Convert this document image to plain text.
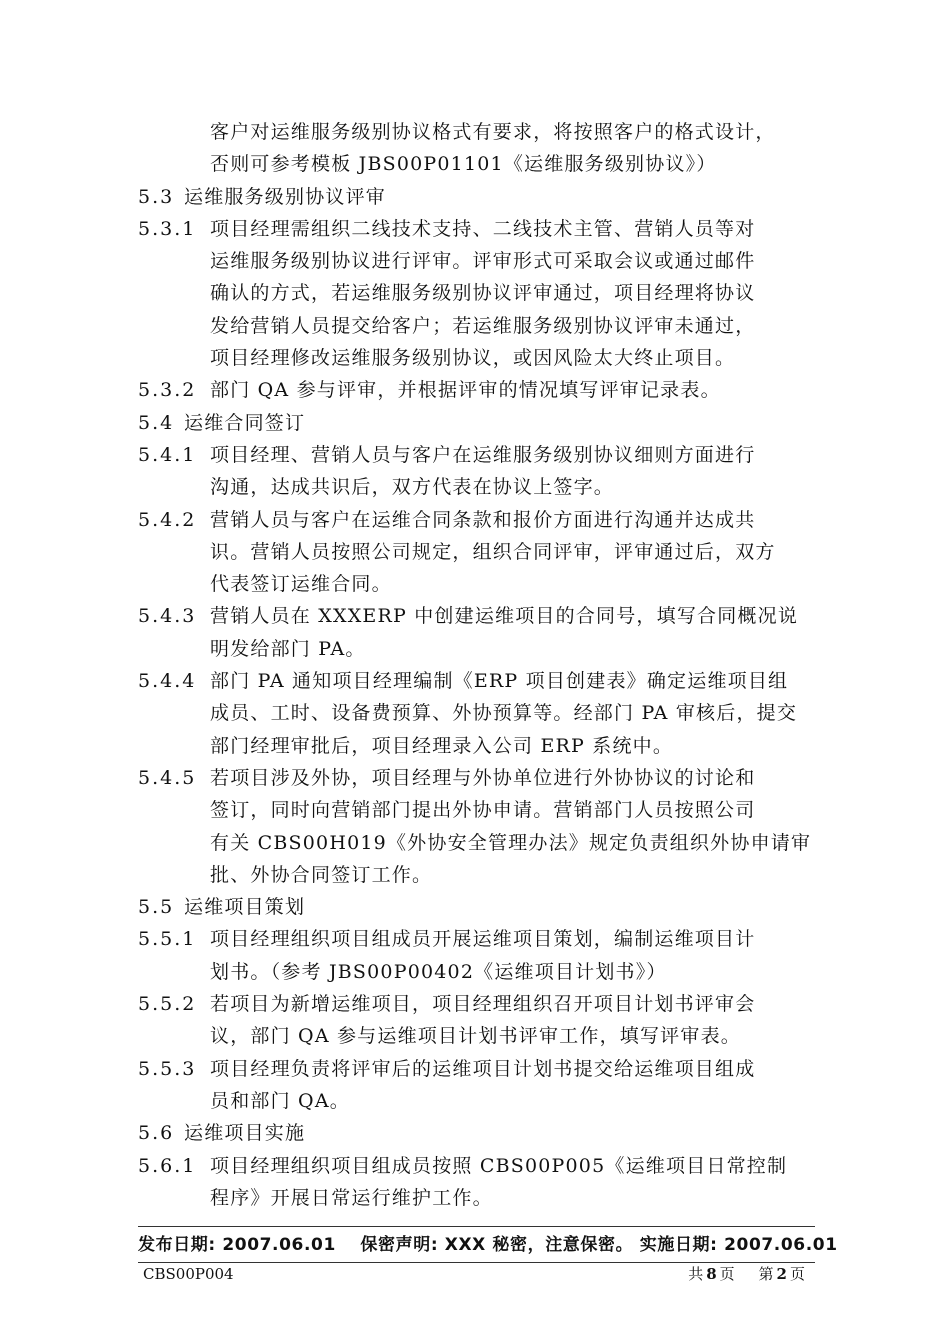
客户对运维服务级别协议格式有要求，将按照客户的格式设计，
否则可参考模板 JBS00P01101《运维服务级别协议》）
5.3 运维服务级别协议评审
5.3.1 项目经理需组织二线技术支持、二线技术主管、营销人员等对
运维服务级别协议进行评审。评审形式可采取会议或通过邮件
确认的方式，若运维服务级别协议评审通过，项目经理将协议
发给营销人员提交给客户；若运维服务级别协议评审未通过，
项目经理修改运维服务级别协议，或因风险太大终止项目。
5.3.2 部门 QA 参与评审，并根据评审的情况填写评审记录表。
5.4 运维合同签订
5.4.1 项目经理、营销人员与客户在运维服务级别协议细则方面进行
沟通，达成共识后，双方代表在协议上签字。
5.4.2 营销人员与客户在运维合同条款和报价方面进行沟通并达成共
识。营销人员按照公司规定，组织合同评审，评审通过后，双方
代表签订运维合同。
5.4.3 营销人员在 XXXERP 中创建运维项目的合同号，填写合同概况说
明发给部门 PA。
5.4.4 部门 PA 通知项目经理编制《ERP 项目创建表》确定运维项目组
成员、工时、设备费预算、外协预算等。经部门 PA 审核后，提交
部门经理审批后，项目经理录入公司 ERP 系统中。
5.4.5 若项目涉及外协，项目经理与外协单位进行外协协议的讨论和
签订，同时向营销部门提出外协申请。营销部门人员按照公司
有关 CBS00H019《外协安全管理办法》规定负责组织外协申请审
批、外协合同签订工作。
5.5 运维项目策划
5.5.1 项目经理组织项目组成员开展运维项目策划，编制运维项目计
划书。（参考 JBS00P00402《运维项目计划书》）
5.5.2 若项目为新增运维项目，项目经理组织召开项目计划书评审会
议，部门 QA 参与运维项目计划书评审工作，填写评审表。
5.5.3 项目经理负责将评审后的运维项目计划书提交给运维项目组成
员和部门 QA。
5.6 运维项目实施
5.6.1 项目经理组织项目组成员按照 CBS00P005《运维项目日常控制
程序》开展日常运行维护工作。
发布日期: 2007.06.01 保密声明: XXX 秘密，注意保密。 实施日期: 2007.06.01
CBS00P004	共 8 页 第 2 页
